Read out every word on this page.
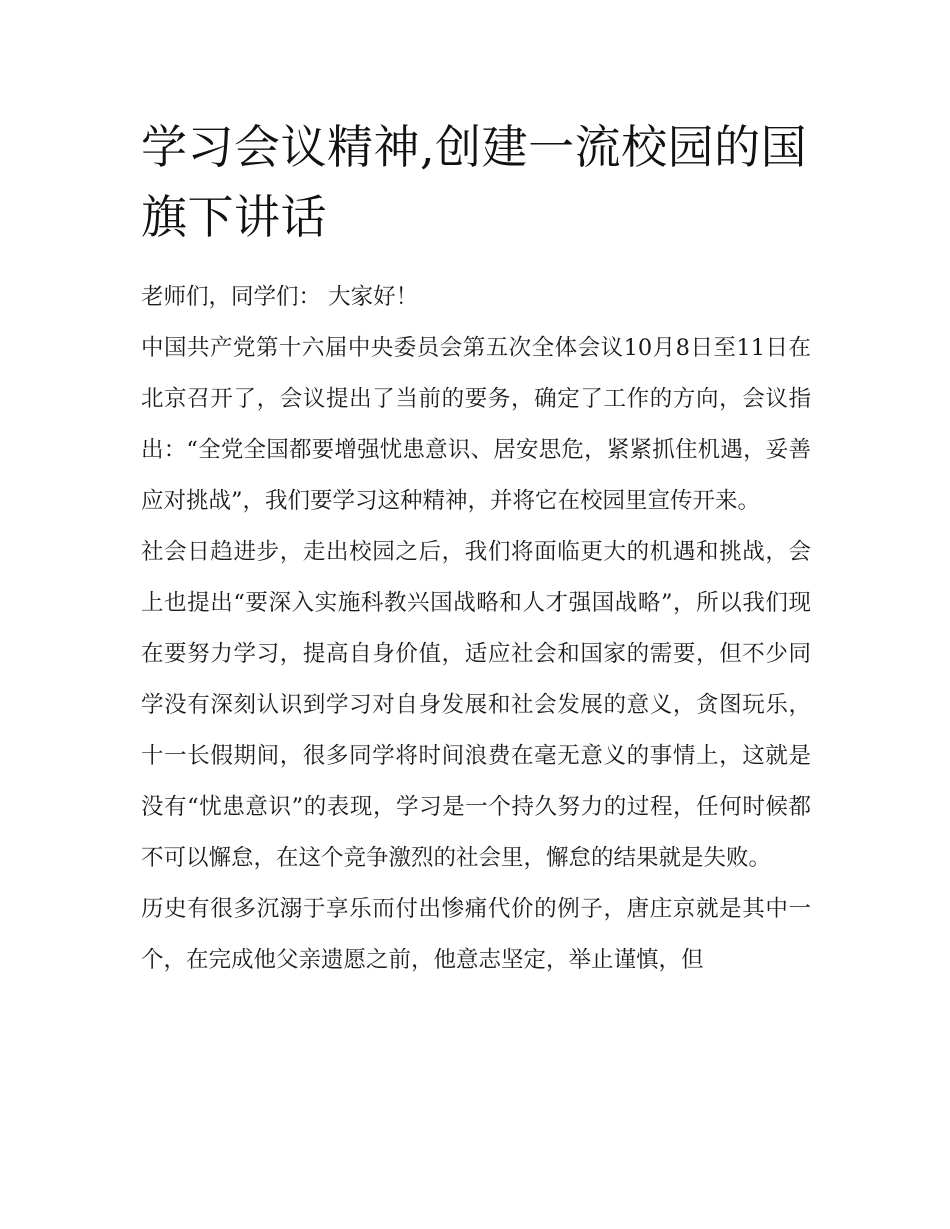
学习会议精神,创建一流校园的国旗下讲话

老师们，同学们： 大家好！

中国共产党第十六届中央委员会第五次全体会议10月8日至11日在北京召开了，会议提出了当前的要务，确定了工作的方向，会议指出：“全党全国都要增强忧患意识、居安思危，紧紧抓住机遇，妥善应对挑战”，我们要学习这种精神，并将它在校园里宣传开来。

社会日趋进步，走出校园之后，我们将面临更大的机遇和挑战，会上也提出“要深入实施科教兴国战略和人才强国战略”，所以我们现在要努力学习，提高自身价值，适应社会和国家的需要，但不少同学没有深刻认识到学习对自身发展和社会发展的意义，贪图玩乐，十一长假期间，很多同学将时间浪费在毫无意义的事情上，这就是没有“忧患意识”的表现，学习是一个持久努力的过程，任何时候都不可以懈怠，在这个竞争激烈的社会里，懈怠的结果就是失败。

历史有很多沉溺于享乐而付出惨痛代价的例子，唐庄京就是其中一个，在完成他父亲遗愿之前，他意志坚定，举止谨慎，但
